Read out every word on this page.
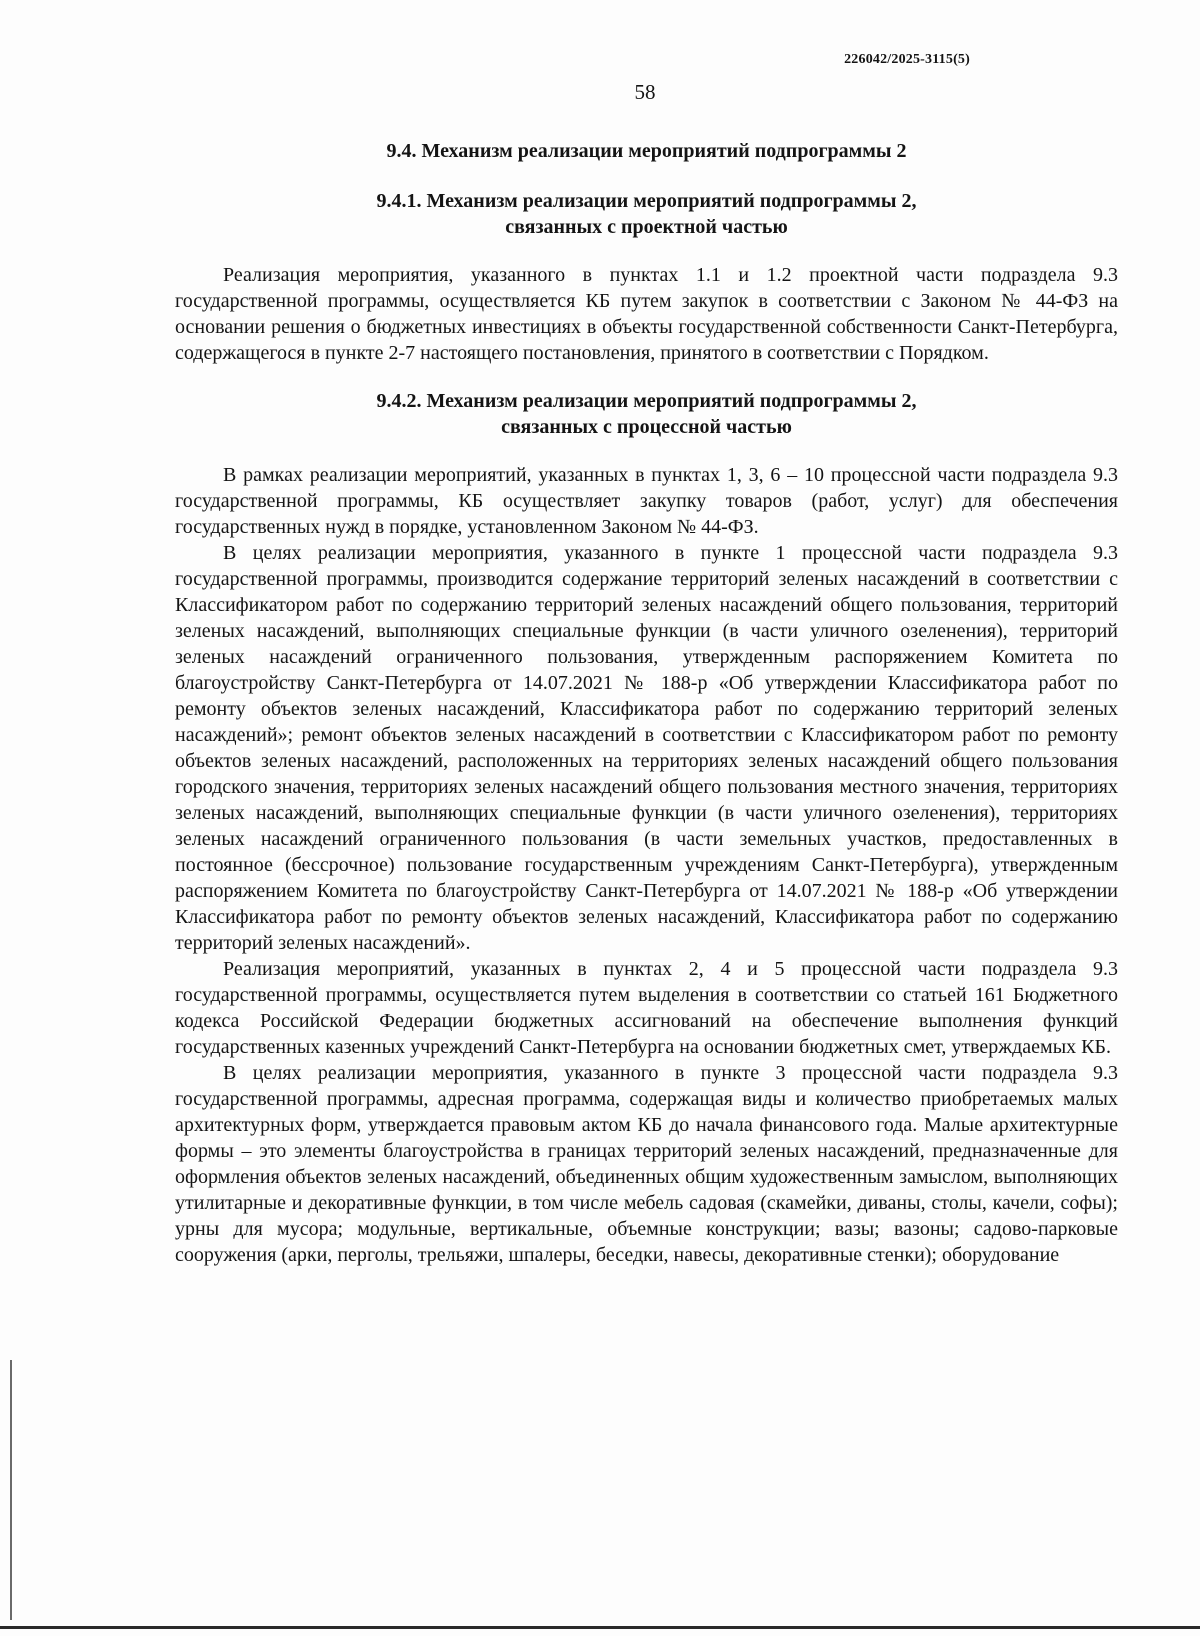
226042/2025-3115(5)
58
9.4. Механизм реализации мероприятий подпрограммы 2
9.4.1. Механизм реализации мероприятий подпрограммы 2,
связанных с проектной частью

Реализация мероприятия, указанного в пунктах 1.1 и 1.2 проектной части подраздела 9.3 государственной программы, осуществляется КБ путем закупок в соответствии с Законом № 44-ФЗ на основании решения о бюджетных инвестициях в объекты государственной собственности Санкт-Петербурга, содержащегося в пункте 2-7 настоящего постановления, принятого в соответствии с Порядком.

9.4.2. Механизм реализации мероприятий подпрограммы 2,
связанных с процессной частью

В рамках реализации мероприятий, указанных в пунктах 1, 3, 6 – 10 процессной части подраздела 9.3 государственной программы, КБ осуществляет закупку товаров (работ, услуг) для обеспечения государственных нужд в порядке, установленном Законом № 44-ФЗ.

В целях реализации мероприятия, указанного в пункте 1 процессной части подраздела 9.3 государственной программы, производится содержание территорий зеленых насаждений в соответствии с Классификатором работ по содержанию территорий зеленых насаждений общего пользования, территорий зеленых насаждений, выполняющих специальные функции (в части уличного озеленения), территорий зеленых насаждений ограниченного пользования, утвержденным распоряжением Комитета по благоустройству Санкт-Петербурга от 14.07.2021 № 188-р «Об утверждении Классификатора работ по ремонту объектов зеленых насаждений, Классификатора работ по содержанию территорий зеленых насаждений»; ремонт объектов зеленых насаждений в соответствии с Классификатором работ по ремонту объектов зеленых насаждений, расположенных на территориях зеленых насаждений общего пользования городского значения, территориях зеленых насаждений общего пользования местного значения, территориях зеленых насаждений, выполняющих специальные функции (в части уличного озеленения), территориях зеленых насаждений ограниченного пользования (в части земельных участков, предоставленных в постоянное (бессрочное) пользование государственным учреждениям Санкт-Петербурга), утвержденным распоряжением Комитета по благоустройству Санкт-Петербурга от 14.07.2021 № 188-р «Об утверждении Классификатора работ по ремонту объектов зеленых насаждений, Классификатора работ по содержанию территорий зеленых насаждений».

Реализация мероприятий, указанных в пунктах 2, 4 и 5 процессной части подраздела 9.3 государственной программы, осуществляется путем выделения в соответствии со статьей 161 Бюджетного кодекса Российской Федерации бюджетных ассигнований на обеспечение выполнения функций государственных казенных учреждений Санкт-Петербурга на основании бюджетных смет, утверждаемых КБ.

В целях реализации мероприятия, указанного в пункте 3 процессной части подраздела 9.3 государственной программы, адресная программа, содержащая виды и количество приобретаемых малых архитектурных форм, утверждается правовым актом КБ до начала финансового года. Малые архитектурные формы – это элементы благоустройства в границах территорий зеленых насаждений, предназначенные для оформления объектов зеленых насаждений, объединенных общим художественным замыслом, выполняющих утилитарные и декоративные функции, в том числе мебель садовая (скамейки, диваны, столы, качели, софы); урны для мусора; модульные, вертикальные, объемные конструкции; вазы; вазоны; садово-парковые сооружения (арки, перголы, трельяжи, шпалеры, беседки, навесы, декоративные стенки); оборудование
